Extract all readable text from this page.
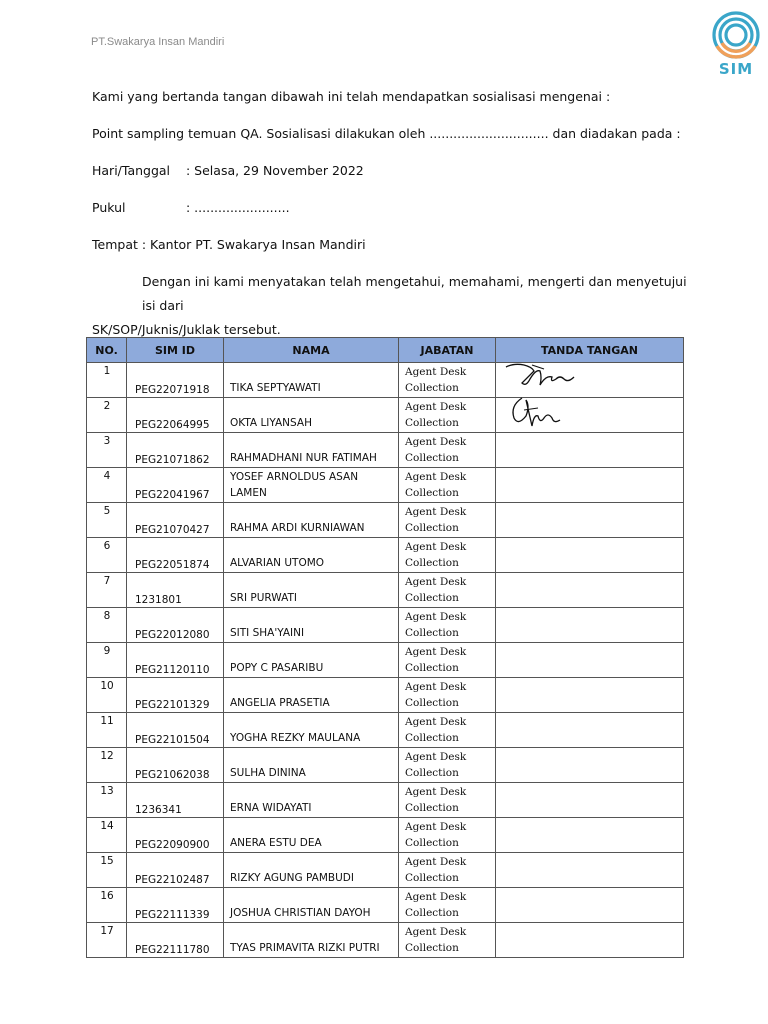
PT.Swakarya Insan Mandiri
SIM
Kami yang bertanda tangan dibawah ini telah mendapatkan sosialisasi mengenai :
Point sampling temuan QA. Sosialisasi dilakukan oleh .............................. dan diadakan pada :
Hari/Tanggal : Selasa, 29 November 2022
Pukul	: ........................
Tempat : Kantor PT. Swakarya Insan Mandiri
Dengan ini kami menyatakan telah mengetahui, memahami, mengerti dan menyetujui isi dari
SK/SOP/Juknis/Juklak tersebut.
NO.	SIM ID	NAMA	JABATAN	TANDA TANGAN

1	PEG22071918	TIKA SEPTYAWATI	Agent Desk Collection	

2	PEG22064995	OKTA LIYANSAH	Agent Desk Collection	

3	PEG21071862	RAHMADHANI NUR FATIMAH	Agent Desk Collection	

4	PEG22041967	YOSEF ARNOLDUS ASAN LAMEN	Agent Desk Collection	

5	PEG21070427	RAHMA ARDI KURNIAWAN	Agent Desk Collection	

6	PEG22051874	ALVARIAN UTOMO	Agent Desk Collection	

7	1231801	SRI PURWATI	Agent Desk Collection	

8	PEG22012080	SITI SHA'YAINI	Agent Desk Collection	

9	PEG21120110	POPY C PASARIBU	Agent Desk Collection	

10	PEG22101329	ANGELIA PRASETIA	Agent Desk Collection	

11	PEG22101504	YOGHA REZKY MAULANA	Agent Desk Collection	

12	PEG21062038	SULHA DININA	Agent Desk Collection	

13	1236341	ERNA WIDAYATI	Agent Desk Collection	

14	PEG22090900	ANERA ESTU DEA	Agent Desk Collection	

15	PEG22102487	RIZKY AGUNG PAMBUDI	Agent Desk Collection	

16	PEG22111339	JOSHUA CHRISTIAN DAYOH	Agent Desk Collection	

17	PEG22111780	TYAS PRIMAVITA RIZKI PUTRI	Agent Desk Collection	
